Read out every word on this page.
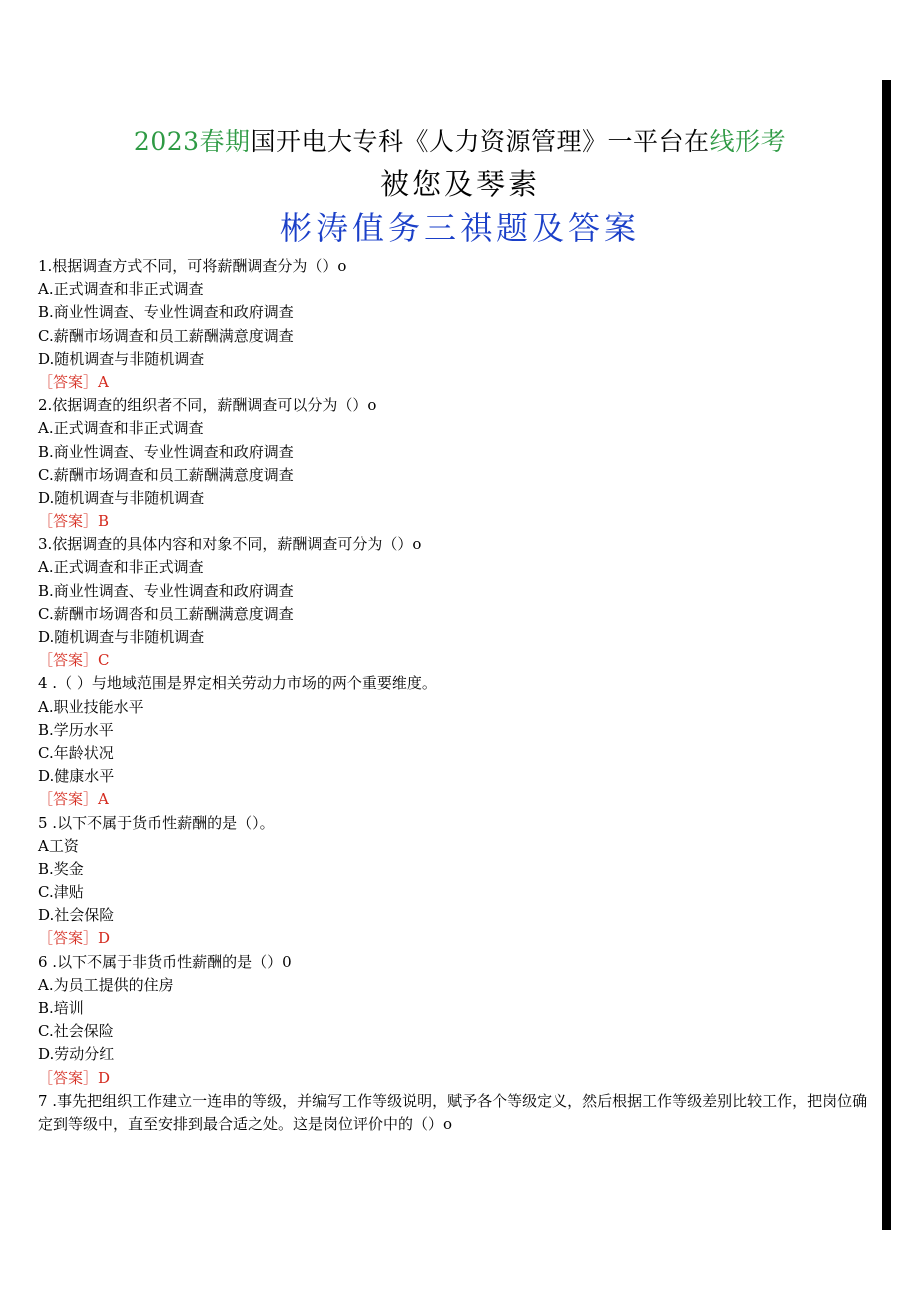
2023春期国开电大专科《人力资源管理》一平台在线形考
被您及琴素
彬涛值务三祺题及答案
1.根据调查方式不同，可将薪酬调查分为（）o
A.正式调查和非正式调查
B.商业性调查、专业性调查和政府调查
C.薪酬市场调查和员工薪酬满意度调查
D.随机调查与非随机调查
［答案］A
2.依据调查的组织者不同，薪酬调查可以分为（）o
A.正式调查和非正式调查
B.商业性调查、专业性调查和政府调查
C.薪酬市场调查和员工薪酬满意度调查
D.随机调查与非随机调查
［答案］B
3.依据调查的具体内容和对象不同，薪酬调查可分为（）o
A.正式调查和非正式调查
B.商业性调查、专业性调查和政府调查
C.薪酬市场调沓和员工薪酬满意度调查
D.随机调查与非随机调查
［答案］C
4 .（ ）与地域范围是界定相关劳动力市场的两个重要维度。
A.职业技能水平
B.学历水平
C.年龄状况
D.健康水平
［答案］A
5 .以下不属于货币性薪酬的是（）。
A工资
B.奖金
C.津贴
D.社会保险
［答案］D
6 .以下不属于非货币性薪酬的是（）0
A.为员工提供的住房
B.培训
C.社会保险
D.劳动分红
［答案］D
7 .事先把组织工作建立一连串的等级，并编写工作等级说明，赋予各个等级定义，然后根据工作等级差别比较工作，把岗位确定到等级中，直至安排到最合适之处。这是岗位评价中的（）o
